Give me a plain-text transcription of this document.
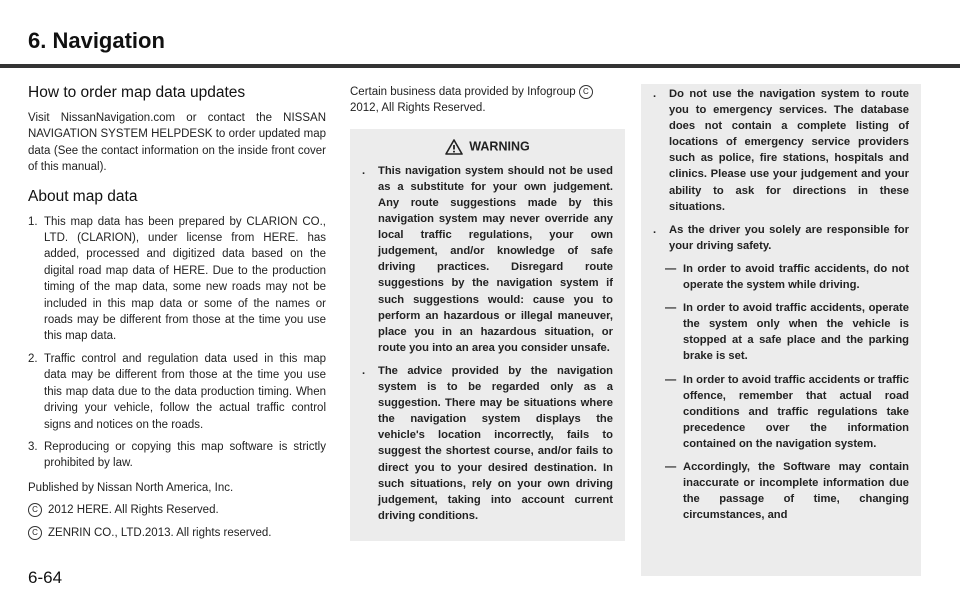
6. Navigation
How to order map data updates

Visit NissanNavigation.com or contact the NISSAN NAVIGATION SYSTEM HELPDESK to order updated map data (See the contact information on the inside front cover of this manual).

About map data
1. This map data has been prepared by CLARION CO., LTD. (CLARION), under license from HERE. has added, processed and digitized data based on the digital road map data of HERE. Due to the production timing of the map data, some new roads may not be included in this map data or some of the names or roads may be different from those at the time you use this map data.
2. Traffic control and regulation data used in this map data may be different from those at the time you use this map data due to the data production timing. When driving your vehicle, follow the actual traffic control signs and notices on the roads.
3. Reproducing or copying this map software is strictly prohibited by law.
Published by Nissan North America, Inc.
C 2012 HERE. All Rights Reserved.
C ZENRIN CO., LTD.2013. All rights reserved.

Certain business data provided by Infogroup C
2012, All Rights Reserved.

WARNING
. This navigation system should not be used as a substitute for your own judgement. Any route suggestions made by this navigation system may never override any local traffic regulations, your own judgement, and/or knowledge of safe driving practices. Disregard route suggestions by the navigation system if such suggestions would: cause you to perform an hazardous or illegal maneuver, place you in an hazardous situation, or route you into an area you consider unsafe.
. The advice provided by the navigation system is to be regarded only as a suggestion. There may be situations where the navigation system displays the vehicle's location incorrectly, fails to suggest the shortest course, and/or fails to direct you to your desired destination. In such situations, rely on your own driving judgement, taking into account current driving conditions.
. Do not use the navigation system to route you to emergency services. The database does not contain a complete listing of locations of emergency service providers such as police, fire stations, hospitals and clinics. Please use your judgement and your ability to ask for directions in these situations.
. As the driver you solely are responsible for your driving safety.
— In order to avoid traffic accidents, do not operate the system while driving.
— In order to avoid traffic accidents, operate the system only when the vehicle is stopped at a safe place and the parking brake is set.
— In order to avoid traffic accidents or traffic offence, remember that actual road conditions and traffic regulations take precedence over the information contained on the navigation system.
— Accordingly, the Software may contain inaccurate or incomplete information due the passage of time, changing circumstances, and
6-64
